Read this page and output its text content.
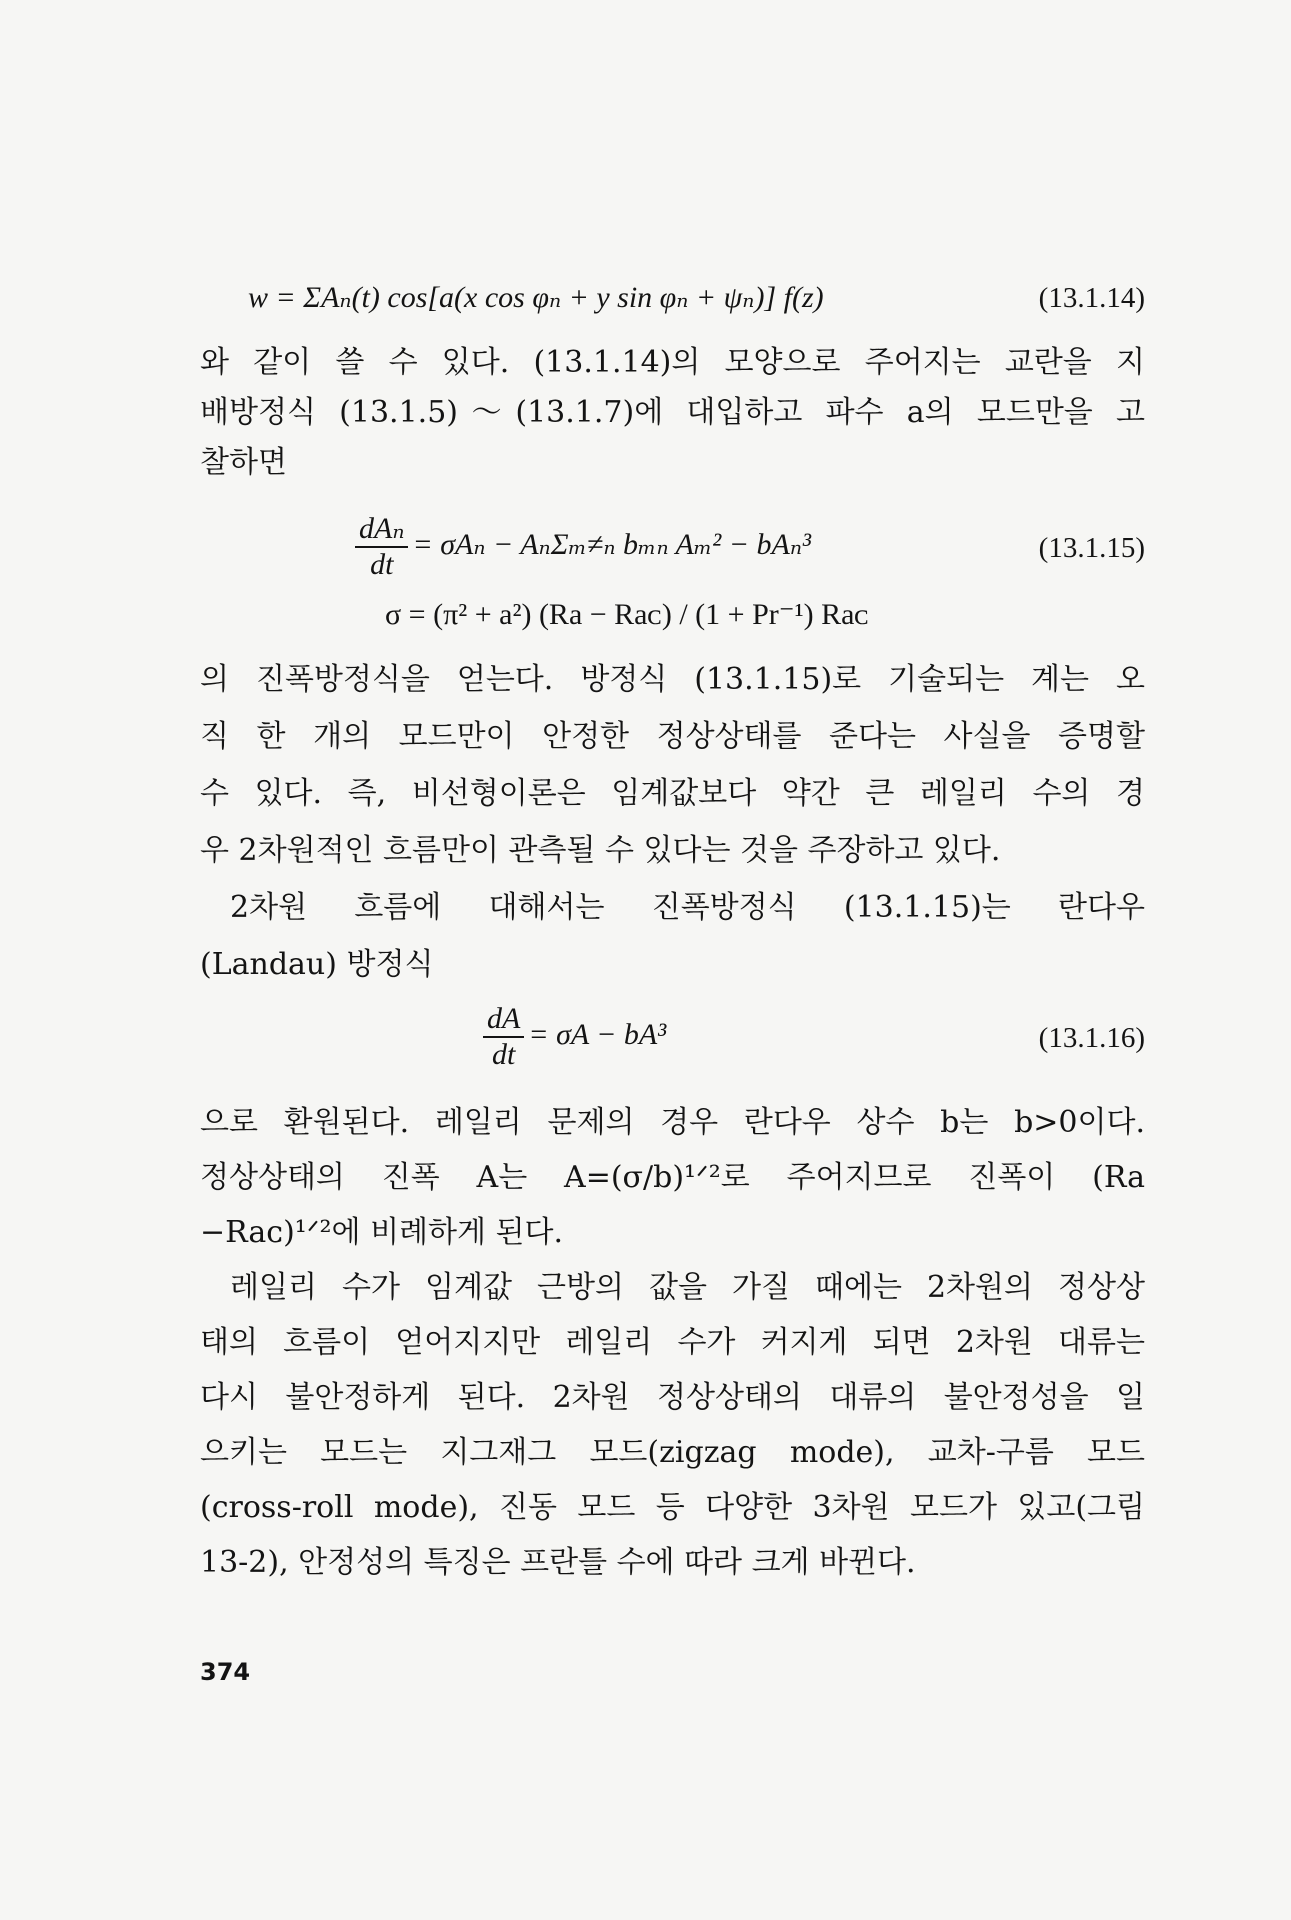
w = ΣAₙ(t) cos[a(x cos φₙ + y sin φₙ + ψₙ)] f(z)	(13.1.14)
와 같이 쓸 수 있다. (13.1.14)의 모양으로 주어지는 교란을 지
배방정식 (13.1.5)～(13.1.7)에 대입하고 파수 a의 모드만을 고
찰하면
$\frac{\text{dAₙ}}{dt} = \sigma A_n - A_n\Sigma_m\ne_n$ bₘₙ Aₘ² − bAₙ³	(13.1.15)
σ = (π² + a²) (Ra − Raᴄ) / (1 + Pr⁻¹) Raᴄ
의 진폭방정식을 얻는다. 방정식 (13.1.15)로 기술되는 계는 오
직 한 개의 모드만이 안정한 정상상태를 준다는 사실을 증명할
수 있다. 즉, 비선형이론은 임계값보다 약간 큰 레일리 수의 경
우 2차원적인 흐름만이 관측될 수 있다는 것을 주장하고 있다.
2차원 흐름에 대해서는 진폭방정식 (13.1.15)는 란다우
(Landau) 방정식
$\frac{dA}{dt} = \sigma A - bA^3$	(13.1.16)
으로 환원된다. 레일리 문제의 경우 란다우 상수 b는 b>0이다.
정상상태의 진폭 A는 A=(σ/b)¹ᐟ²로 주어지므로 진폭이 (Ra
−Raᴄ)¹ᐟ²에 비례하게 된다.
레일리 수가 임계값 근방의 값을 가질 때에는 2차원의 정상상
태의 흐름이 얻어지지만 레일리 수가 커지게 되면 2차원 대류는
다시 불안정하게 된다. 2차원 정상상태의 대류의 불안정성을 일
으키는 모드는 지그재그 모드(zigzag mode), 교차-구름 모드
(cross-roll mode), 진동 모드 등 다양한 3차원 모드가 있고(그림
13-2), 안정성의 특징은 프란틀 수에 따라 크게 바뀐다.
374
